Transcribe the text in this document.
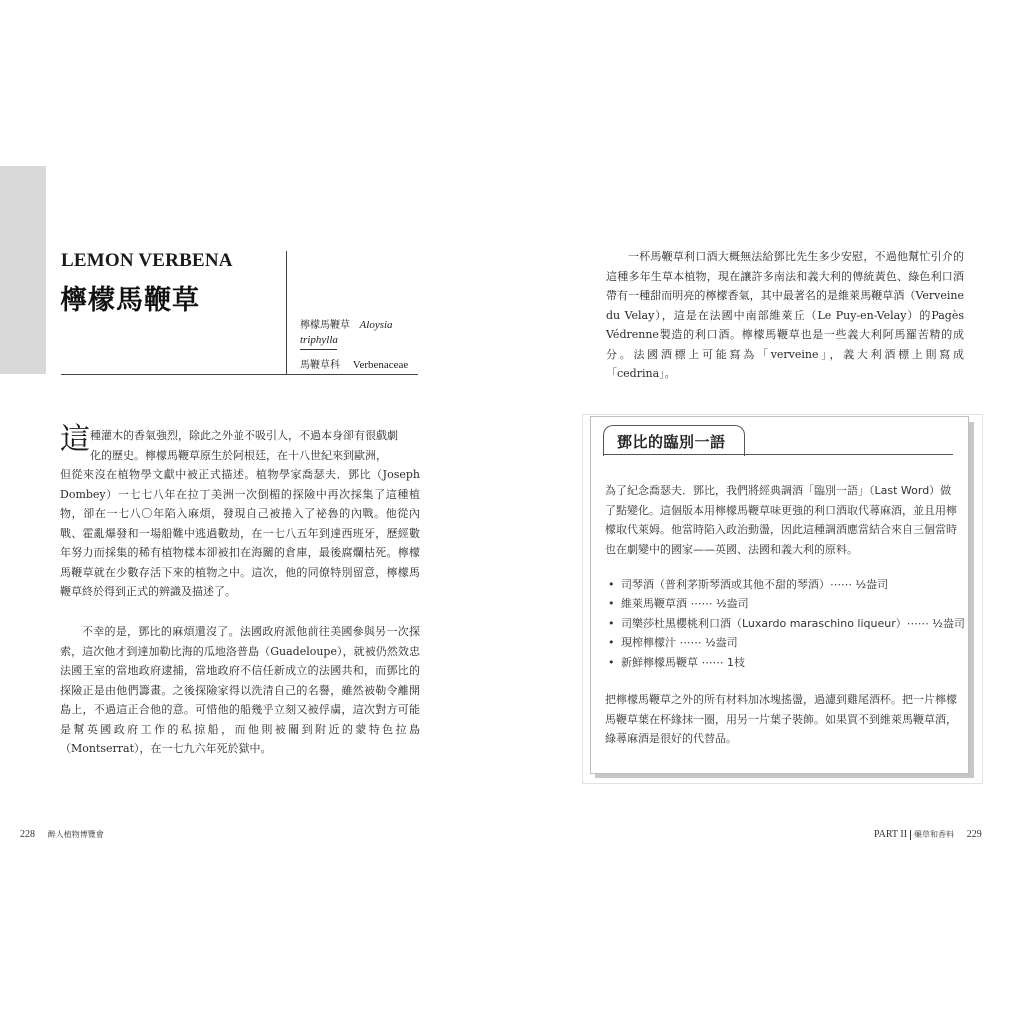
LEMON VERBENA
檸檬馬鞭草
檸檬馬鞭草 Aloysia
triphylla
馬鞭草科 Verbenaceae
這 種灌木的香氣強烈，除此之外並不吸引人，不過本身卻有很戲劇
化的歷史。檸檬馬鞭草原生於阿根廷，在十八世紀來到歐洲，
但從來沒在植物學文獻中被正式描述。植物學家喬瑟夫．鄧比（Joseph Dombey）一七七八年在拉丁美洲一次倒楣的探險中再次採集了這種植物，卻在一七八〇年陷入麻煩，發現自己被捲入了祕魯的內戰。他從內戰、霍亂爆發和一場船難中逃過數劫，在一七八五年到達西班牙，歷經數年努力而採集的稀有植物樣本卻被扣在海關的倉庫，最後腐爛枯死。檸檬馬鞭草就在少數存活下來的植物之中。這次，他的同僚特別留意，檸檬馬鞭草終於得到正式的辨識及描述了。
不幸的是，鄧比的麻煩還沒了。法國政府派他前往美國參與另一次探索，這次他才到達加勒比海的瓜地洛普島（Guadeloupe），就被仍然效忠法國王室的當地政府逮捕，當地政府不信任新成立的法國共和，而鄧比的探險正是由他們籌畫。之後探險家得以洗清自己的名譽，雖然被勒令離開島上，不過這正合他的意。可惜他的船幾乎立刻又被俘虜，這次對方可能是幫英國政府工作的私掠船，而他則被關到附近的蒙特色拉島（Montserrat），在一七九六年死於獄中。
一杯馬鞭草利口酒大概無法給鄧比先生多少安慰，不過他幫忙引介的這種多年生草本植物，現在讓許多南法和義大利的傳統黃色、綠色利口酒帶有一種甜而明亮的檸檬香氣，其中最著名的是維萊馬鞭草酒（Verveine du Velay），這是在法國中南部維萊丘（Le Puy-en-Velay）的Pagès Védrenne製造的利口酒。檸檬馬鞭草也是一些義大利阿馬羅苦精的成分。法國酒標上可能寫為「verveine」，義大利酒標上則寫成「cedrina」。
鄧比的臨別一語
為了紀念喬瑟夫．鄧比，我們將經典調酒「臨別一語」（Last Word）做了點變化。這個版本用檸檬馬鞭草味更強的利口酒取代蕁麻酒，並且用檸檬取代萊姆。他當時陷入政治動盪，因此這種調酒應當結合來自三個當時也在劇變中的國家——英國、法國和義大利的原料。
• 司琴酒（普利茅斯琴酒或其他不甜的琴酒）⋯⋯ ½盎司
• 維萊馬鞭草酒 ⋯⋯ ½盎司
• 司樂莎杜黑櫻桃利口酒（Luxardo maraschino liqueur）⋯⋯ ½盎司
• 現榨檸檬汁 ⋯⋯ ½盎司
• 新鮮檸檬馬鞭草 ⋯⋯ 1枝
把檸檬馬鞭草之外的所有材料加冰塊搖盪，過濾到雞尾酒杯。把一片檸檬馬鞭草葉在杯緣抹一圈，用另一片葉子裝飾。如果買不到維萊馬鞭草酒，綠蕁麻酒是很好的代替品。
228 醉人植物博覽會	PART II 藥草和香料 229
